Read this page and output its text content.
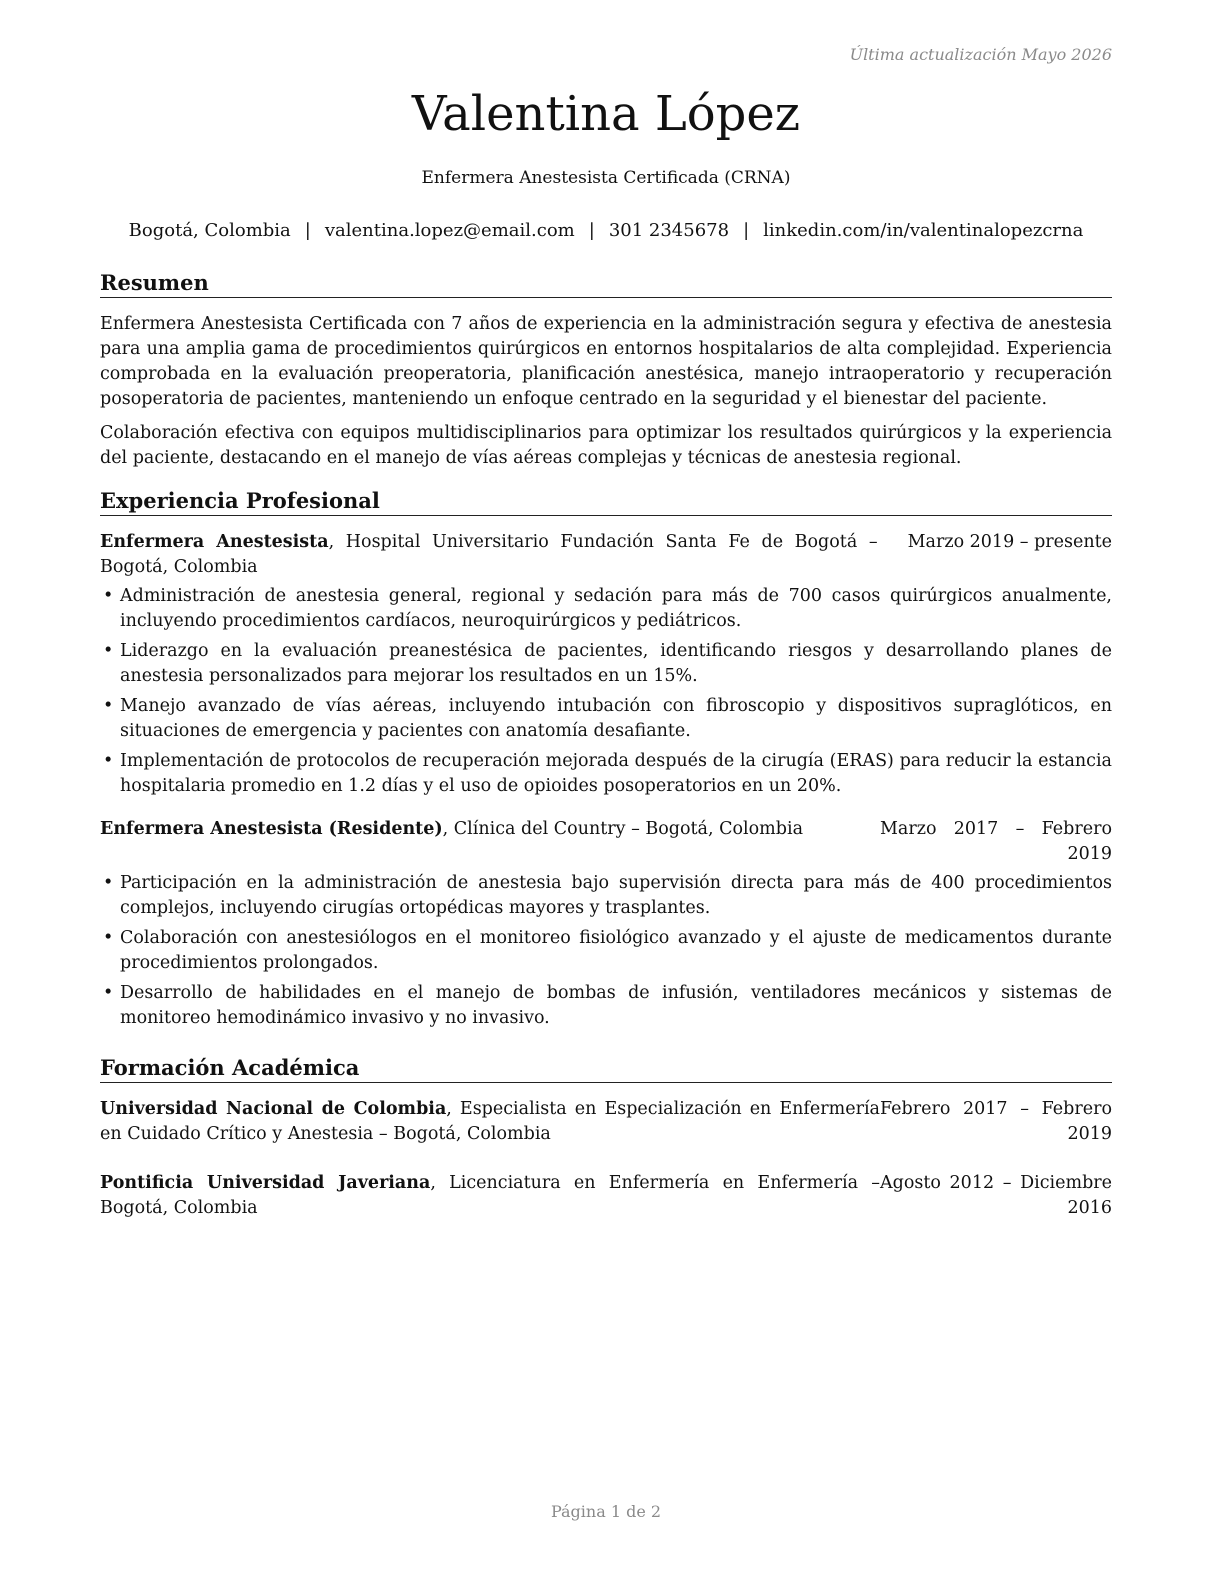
Última actualización Mayo 2026
Valentina López
Enfermera Anestesista Certificada (CRNA)
Bogotá, Colombia | valentina.lopez@email.com | 301 2345678 | linkedin.com/in/valentinalopezcrna
Resumen

Enfermera Anestesista Certificada con 7 años de experiencia en la administración segura y efectiva de anestesia para una amplia gama de procedimientos quirúrgicos en entornos hospitalarios de alta complejidad. Experiencia comprobada en la evaluación preoperatoria, planificación anestésica, manejo intraoperatorio y recuperación posoperatoria de pacientes, manteniendo un enfoque centrado en la seguridad y el bienestar del paciente.

Colaboración efectiva con equipos multidisciplinarios para optimizar los resultados quirúrgicos y la experiencia del paciente, destacando en el manejo de vías aéreas complejas y técnicas de anestesia regional.

Experiencia Profesional
Enfermera Anestesista, Hospital Universitario Fundación Santa Fe de Bogotá – Bogotá, Colombia
Marzo 2019 – presente
• Administración de anestesia general, regional y sedación para más de 700 casos quirúrgicos anualmente, incluyendo procedimientos cardíacos, neuroquirúrgicos y pediátricos.
• Liderazgo en la evaluación preanestésica de pacientes, identificando riesgos y desarrollando planes de anestesia personalizados para mejorar los resultados en un 15%.
• Manejo avanzado de vías aéreas, incluyendo intubación con fibroscopio y dispositivos supraglóticos, en situaciones de emergencia y pacientes con anatomía desafiante.
• Implementación de protocolos de recuperación mejorada después de la cirugía (ERAS) para reducir la estancia hospitalaria promedio en 1.2 días y el uso de opioides posoperatorios en un 20%.
Enfermera Anestesista (Residente), Clínica del Country – Bogotá, Colombia	Marzo 2017 – Febrero 2019
• Participación en la administración de anestesia bajo supervisión directa para más de 400 procedimientos complejos, incluyendo cirugías ortopédicas mayores y trasplantes.
• Colaboración con anestesiólogos en el monitoreo fisiológico avanzado y el ajuste de medicamentos durante procedimientos prolongados.
• Desarrollo de habilidades en el manejo de bombas de infusión, ventiladores mecánicos y sistemas de monitoreo hemodinámico invasivo y no invasivo.
Formación Académica
Universidad Nacional de Colombia, Especialista en Especialización en Enfermería en Cuidado Crítico y Anestesia – Bogotá, Colombia
Febrero 2017 – Febrero 2019
Pontificia Universidad Javeriana, Licenciatura en Enfermería en Enfermería – Bogotá, Colombia
Agosto 2012 – Diciembre 2016
Página 1 de 2
